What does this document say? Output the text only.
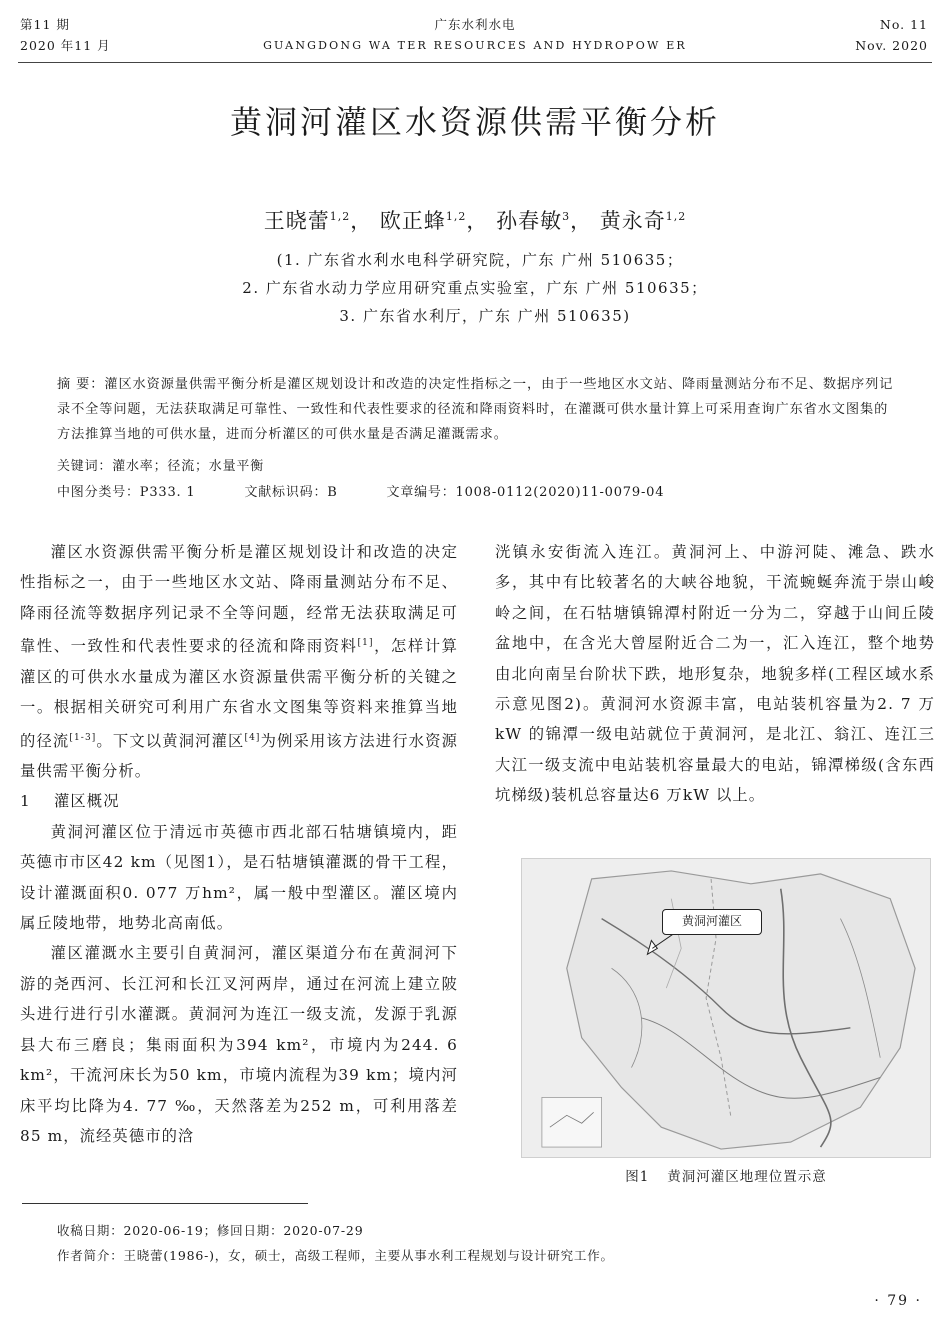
第11 期
2020 年11 月
广东水利水电
GUANGDONG WA TER RESOURCES AND HYDROPOW ER
No. 11
Nov. 2020
黄洞河灌区水资源供需平衡分析
王晓蕾$^{1,2}$， 欧正蜂$^{1,2}$， 孙春敏$^3$， 黄永奇$^{1,2}$
(1. 广东省水利水电科学研究院，广东 广州 510635；
2. 广东省水动力学应用研究重点实验室，广东 广州 510635；
3. 广东省水利厅，广东 广州 510635)
摘 要：灌区水资源量供需平衡分析是灌区规划设计和改造的决定性指标之一，由于一些地区水文站、降雨量测站分布不足、数据序列记录不全等问题，无法获取满足可靠性、一致性和代表性要求的径流和降雨资料时，在灌溉可供水量计算上可采用查询广东省水文图集的方法推算当地的可供水量，进而分析灌区的可供水量是否满足灌溉需求。
关键词：灌水率；径流；水量平衡
中图分类号：P333. 1	文献标识码：B	文章编号：1008-0112(2020)11-0079-04

灌区水资源供需平衡分析是灌区规划设计和改造的决定性指标之一，由于一些地区水文站、降雨量测站分布不足、降雨径流等数据序列记录不全等问题，经常无法获取满足可靠性、一致性和代表性要求的径流和降雨资料[1]，怎样计算灌区的可供水水量成为灌区水资源量供需平衡分析的关键之一。根据相关研究可利用广东省水文图集等资料来推算当地的径流[1-3]。下文以黄洞河灌区[4]为例采用该方法进行水资源量供需平衡分析。

1 灌区概况

黄洞河灌区位于清远市英德市西北部石牯塘镇境内，距英德市市区42 km（见图1），是石牯塘镇灌溉的骨干工程，设计灌溉面积0. 077 万hm²，属一般中型灌区。灌区境内属丘陵地带，地势北高南低。

灌区灌溉水主要引自黄洞河，灌区渠道分布在黄洞河下游的尧西河、长江河和长江叉河两岸，通过在河流上建立陂头进行进行引水灌溉。黄洞河为连江一级支流，发源于乳源县大布三磨良；集雨面积为394 km²，市境内为244. 6 km²，干流河床长为50 km，市境内流程为39 km；境内河床平均比降为4. 77 ‰，天然落差为252 m，可利用落差85 m，流经英德市的浛

洸镇永安街流入连江。黄洞河上、中游河陡、滩急、跌水多，其中有比较著名的大峡谷地貌，干流蜿蜒奔流于崇山峻岭之间，在石牯塘镇锦潭村附近一分为二，穿越于山间丘陵盆地中，在含光大曾屋附近合二为一，汇入连江，整个地势由北向南呈台阶状下跌，地形复杂，地貌多样(工程区域水系示意见图2)。黄洞河水资源丰富，电站装机容量为2. 7 万kW 的锦潭一级电站就位于黄洞河，是北江、翁江、连江三大江一级支流中电站装机容量最大的电站，锦潭梯级(含东西坑梯级)装机总容量达6 万kW 以上。

黄洞河灌区
图1 黄洞河灌区地理位置示意
收稿日期：2020-06-19；修回日期：2020-07-29
作者简介：王晓蕾(1986-)，女，硕士，高级工程师，主要从事水利工程规划与设计研究工作。
· 79 ·
